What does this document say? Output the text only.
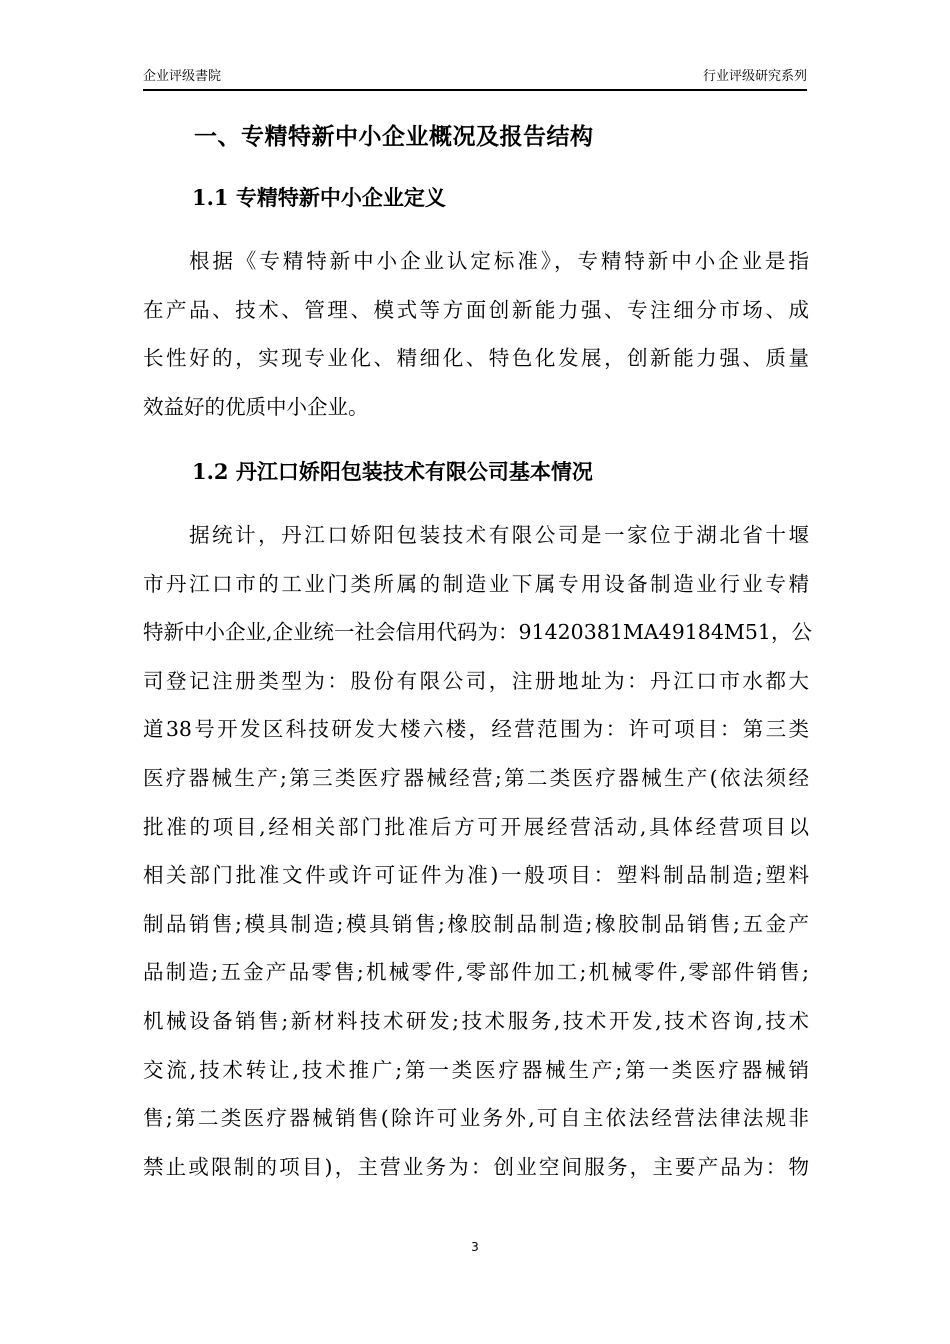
企业评级書院	行业评级研究系列
一、专精特新中小企业概况及报告结构
1.1 专精特新中小企业定义
根据《专精特新中小企业认定标准》，专精特新中小企业是指
在产品、技术、管理、模式等方面创新能力强、专注细分市场、成
长性好的，实现专业化、精细化、特色化发展，创新能力强、质量
效益好的优质中小企业。
1.2 丹江口娇阳包装技术有限公司基本情况
据统计，丹江口娇阳包装技术有限公司是一家位于湖北省十堰
市丹江口市的工业门类所属的制造业下属专用设备制造业行业专精
特新中小企业,企业统一社会信用代码为：91420381MA49184M51，公
司登记注册类型为：股份有限公司，注册地址为：丹江口市水都大
道38号开发区科技研发大楼六楼，经营范围为：许可项目：第三类
医疗器械生产;第三类医疗器械经营;第二类医疗器械生产(依法须经
批准的项目,经相关部门批准后方可开展经营活动,具体经营项目以
相关部门批准文件或许可证件为准)一般项目：塑料制品制造;塑料
制品销售;模具制造;模具销售;橡胶制品制造;橡胶制品销售;五金产
品制造;五金产品零售;机械零件,零部件加工;机械零件,零部件销售;
机械设备销售;新材料技术研发;技术服务,技术开发,技术咨询,技术
交流,技术转让,技术推广;第一类医疗器械生产;第一类医疗器械销
售;第二类医疗器械销售(除许可业务外,可自主依法经营法律法规非
禁止或限制的项目)，主营业务为：创业空间服务，主要产品为：物
3
